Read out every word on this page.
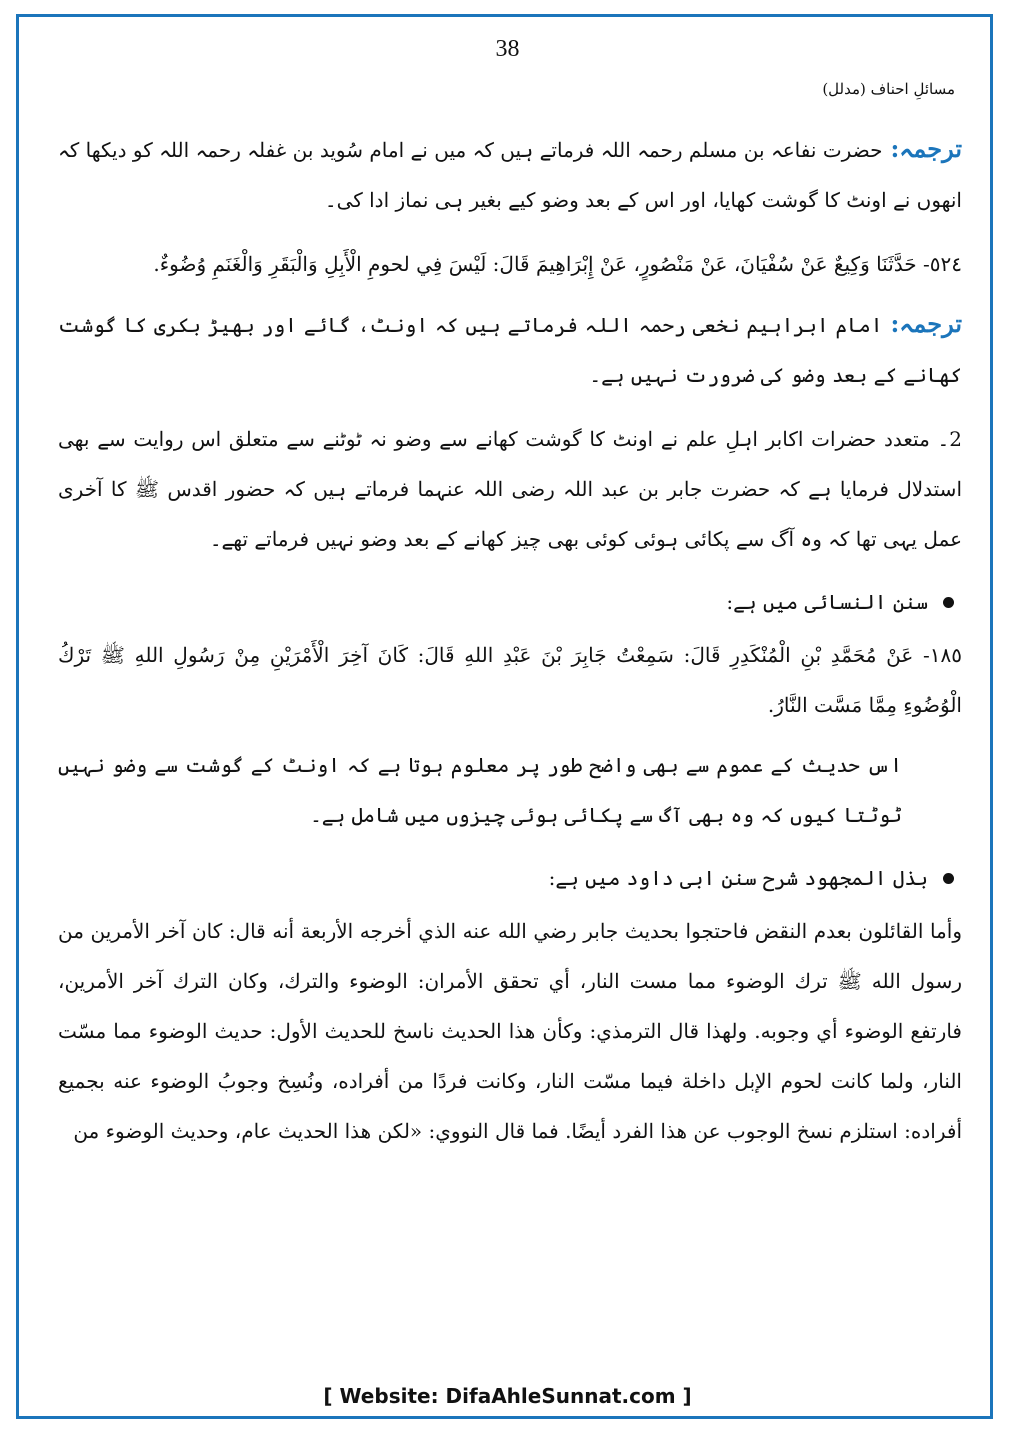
38
مسائلِ احناف (مدلل)

ترجمہ:حضرت نفاعہ بن مسلم رحمہ اللہ فرماتے ہیں کہ میں نے امام سُوید بن غفلہ رحمہ اللہ کو دیکھا کہ انھوں نے اونٹ کا گوشت کھایا، اور اس کے بعد وضو کیے بغیر ہی نماز ادا کی۔

٥٢٤- حَدَّثَنَا وَكِيعٌ عَنْ سُفْيَانَ، عَنْ مَنْصُورٍ، عَنْ إِبْرَاهِيمَ قَالَ: لَيْسَ فِي لحومِ الْأَبِلِ وَالْبَقَرِ وَالْغَنَمِ وُضُوءٌ.

ترجمہ:امام ابراہیم نخعی رحمہ اللہ فرماتے ہیں کہ اونٹ، گائے اور بھیڑ بکری کا گوشت کھانے کے بعد وضو کی ضرورت نہیں ہے۔

2۔ متعدد حضرات اکابر اہلِ علم نے اونٹ کا گوشت کھانے سے وضو نہ ٹوٹنے سے متعلق اس روایت سے بھی استدلال فرمایا ہے کہ حضرت جابر بن عبد اللہ رضی اللہ عنہما فرماتے ہیں کہ حضور اقدس ﷺ کا آخری عمل یہی تھا کہ وہ آگ سے پکائی ہوئی کوئی بھی چیز کھانے کے بعد وضو نہیں فرماتے تھے۔

سنن النسائی میں ہے:

١٨٥- عَنْ مُحَمَّدِ بْنِ الْمُنْكَدِرِ قَالَ: سَمِعْتُ جَابِرَ بْنَ عَبْدِ اللهِ قَالَ: كَانَ آخِرَ الْأَمْرَيْنِ مِنْ رَسُولِ اللهِ ﷺ تَرْكُ الْوُضُوءِ مِمَّا مَسَّت النَّارُ.

اس حدیث کے عموم سے بھی واضح طور پر معلوم ہوتا ہے کہ اونٹ کے گوشت سے وضو نہیں ٹوٹتا کیوں کہ وہ بھی آگ سے پکائی ہوئی چیزوں میں شامل ہے۔

بذل المجھود شرح سنن ابی داود میں ہے:

وأما القائلون بعدم النقض فاحتجوا بحديث جابر رضي الله عنه الذي أخرجه الأربعة أنه قال: كان آخر الأمرين من رسول الله ﷺ ترك الوضوء مما مست النار، أي تحقق الأمران: الوضوء والترك، وكان الترك آخر الأمرين، فارتفع الوضوء أي وجوبه. ولهذا قال الترمذي: وكأن هذا الحديث ناسخ للحديث الأول: حديث الوضوء مما مسّت النار، ولما كانت لحوم الإبل داخلة فيما مسّت النار، وكانت فردًا من أفراده، ونُسِخ وجوبُ الوضوء عنه بجميع أفراده: استلزم نسخ الوجوب عن هذا الفرد أيضًا. فما قال النووي: «لكن هذا الحديث عام، وحديث الوضوء من

[ Website: DifaAhleSunnat.com ]
